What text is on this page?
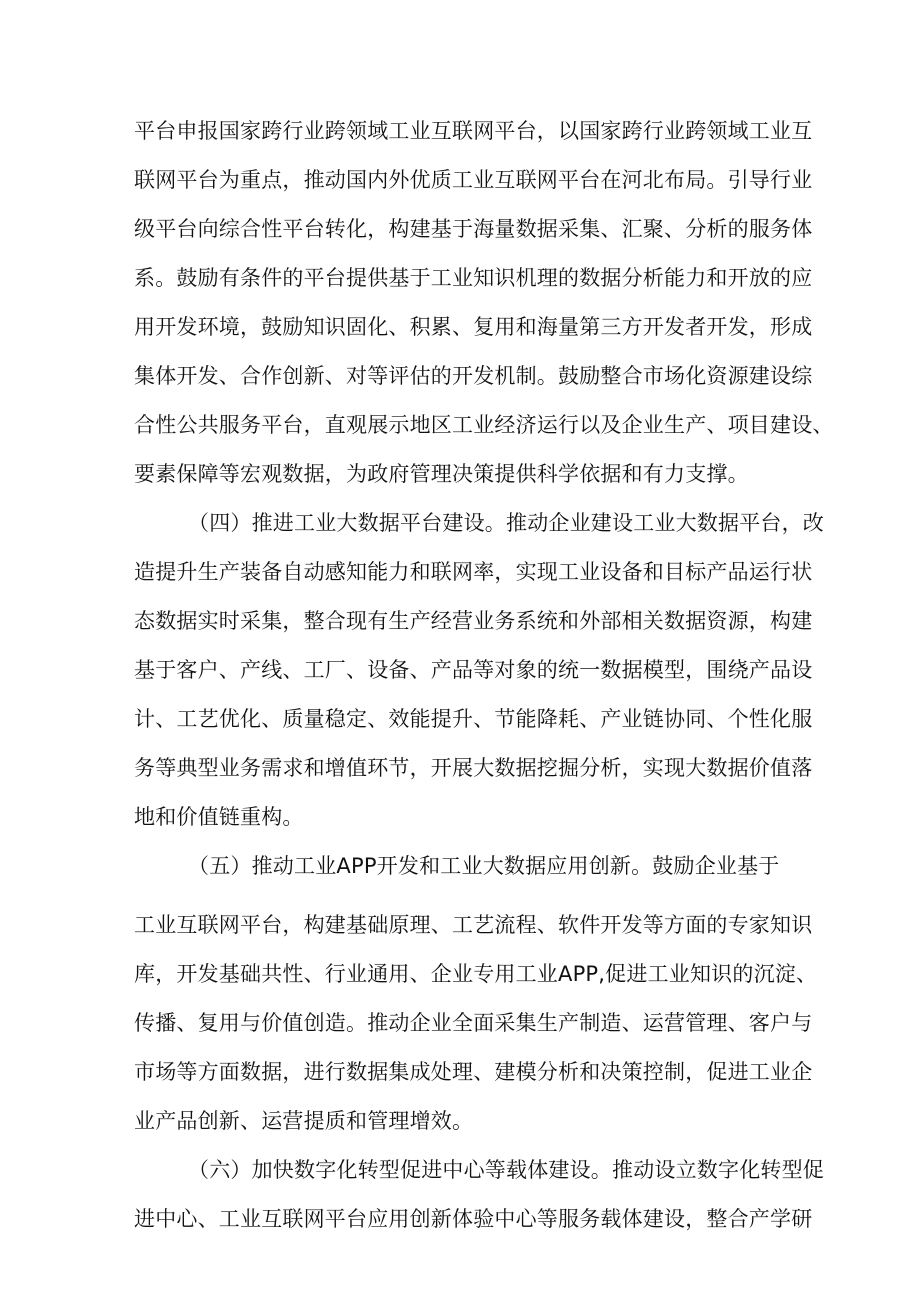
平台申报国家跨行业跨领域工业互联网平台，以国家跨行业跨领域工业互
联网平台为重点，推动国内外优质工业互联网平台在河北布局。引导行业
级平台向综合性平台转化，构建基于海量数据采集、汇聚、分析的服务体
系。鼓励有条件的平台提供基于工业知识机理的数据分析能力和开放的应
用开发环境，鼓励知识固化、积累、复用和海量第三方开发者开发，形成
集体开发、合作创新、对等评估的开发机制。鼓励整合市场化资源建设综
合性公共服务平台，直观展示地区工业经济运行以及企业生产、项目建设、
要素保障等宏观数据，为政府管理决策提供科学依据和有力支撑。
（四）推进工业大数据平台建设。推动企业建设工业大数据平台，改
造提升生产装备自动感知能力和联网率，实现工业设备和目标产品运行状
态数据实时采集，整合现有生产经营业务系统和外部相关数据资源，构建
基于客户、产线、工厂、设备、产品等对象的统一数据模型，围绕产品设
计、工艺优化、质量稳定、效能提升、节能降耗、产业链协同、个性化服
务等典型业务需求和增值环节，开展大数据挖掘分析，实现大数据价值落
地和价值链重构。
（五）推动工业APP开发和工业大数据应用创新。鼓励企业基于
工业互联网平台，构建基础原理、工艺流程、软件开发等方面的专家知识
库，开发基础共性、行业通用、企业专用工业APP,促进工业知识的沉淀、
传播、复用与价值创造。推动企业全面采集生产制造、运营管理、客户与
市场等方面数据，进行数据集成处理、建模分析和决策控制，促进工业企
业产品创新、运营提质和管理增效。
（六）加快数字化转型促进中心等载体建设。推动设立数字化转型促
进中心、工业互联网平台应用创新体验中心等服务载体建设，整合产学研
